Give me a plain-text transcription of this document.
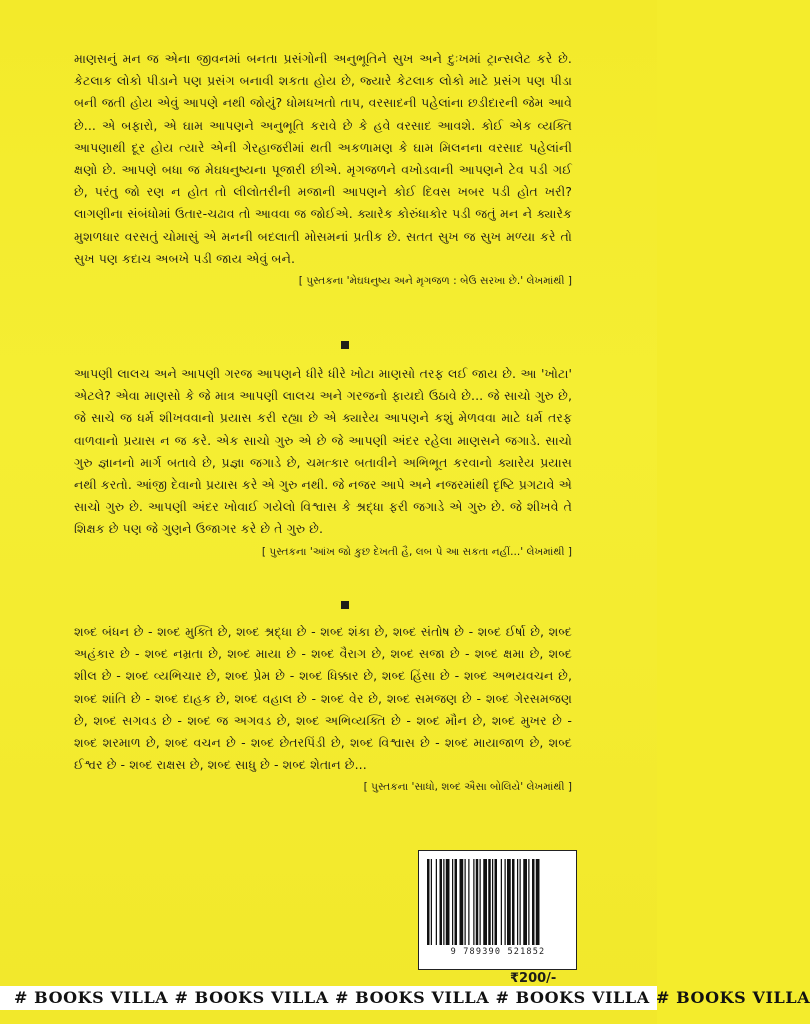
માણસનું મન જ એના જીવનમાં બનતા પ્રસંગોની અનુભૂતિને સુખ અને દુઃખમાં ટ્રાન્સલેટ કરે છે. કેટલાક લોકો પીડાને પણ પ્રસંગ બનાવી શકતા હોય છે, જ્યારે કેટલાક લોકો માટે પ્રસંગ પણ પીડા બની જતી હોય એવું આપણે નથી જોયું? ધોમધખતો તાપ, વરસાદની પહેલાંના છડીદારની જેમ આવે છે... એ બફારો, એ ઘામ આપણને અનુભૂતિ કરાવે છે કે હવે વરસાદ આવશે. કોઈ એક વ્યક્તિ આપણાથી દૂર હોય ત્યારે એની ગેરહાજરીમાં થતી અકળામણ કે ઘામ મિલનના વરસાદ પહેલાંની ક્ષણો છે. આપણે બધા જ મેઘધનુષ્યના પૂજારી છીએ. મૃગજળને વખોડવાની આપણને ટેવ પડી ગઈ છે, પરંતુ જો રણ ન હોત તો લીલોતરીની મજાની આપણને કોઈ દિવસ ખબર પડી હોત ખરી? લાગણીના સંબંધોમાં ઉતાર-ચઢાવ તો આવવા જ જોઈએ. ક્યારેક કોરુંધાકોર પડી જતું મન ને ક્યારેક મુશળધાર વરસતું ચોમાસું એ મનની બદલાતી મોસમનાં પ્રતીક છે. સતત સુખ જ સુખ મળ્યા કરે તો સુખ પણ કદાચ અબખે પડી જાય એવું બને.

[ પુસ્તકના 'મેઘધનુષ્ય અને મૃગજળ : બેઉ સરખા છે.' લેખમાંથી ]

આપણી લાલચ અને આપણી ગરજ આપણને ધીરે ધીરે ખોટા માણસો તરફ લઈ જાય છે. આ 'ખોટા' એટલે? એવા માણસો કે જે માત્ર આપણી લાલચ અને ગરજનો ફાયદો ઉઠાવે છે... જે સાચો ગુરુ છે, જે સાચે જ ધર્મ શીખવવાનો પ્રયાસ કરી રહ્યા છે એ ક્યારેય આપણને કશું મેળવવા માટે ધર્મ તરફ વાળવાનો પ્રયાસ ન જ કરે. એક સાચો ગુરુ એ છે જે આપણી અંદર રહેલા માણસને જગાડે. સાચો ગુરુ જ્ઞાનનો માર્ગ બતાવે છે, પ્રજ્ઞા જગાડે છે, ચમત્કાર બતાવીને અભિભૂત કરવાનો ક્યારેય પ્રયાસ નથી કરતો. આંજી દેવાનો પ્રયાસ કરે એ ગુરુ નથી. જે નજર આપે અને નજરમાંથી દૃષ્ટિ પ્રગટાવે એ સાચો ગુરુ છે. આપણી અંદર ખોવાઈ ગયેલો વિશ્વાસ કે શ્રદ્ધા ફરી જગાડે એ ગુરુ છે. જે શીખવે તે શિક્ષક છે પણ જે ગુણને ઉજાગર કરે છે તે ગુરુ છે.

[ પુસ્તકના 'આંખ જો કુછ દેખતી હૈ, લબ પે આ સકતા નહીં...' લેખમાંથી ]

શબ્દ બંધન છે - શબ્દ મુક્તિ છે, શબ્દ શ્રદ્ધા છે - શબ્દ શંકા છે, શબ્દ સંતોષ છે - શબ્દ ઈર્ષા છે, શબ્દ અહંકાર છે - શબ્દ નમ્રતા છે, શબ્દ માયા છે - શબ્દ વૈરાગ છે, શબ્દ સજા છે - શબ્દ ક્ષમા છે, શબ્દ શીલ છે - શબ્દ વ્યભિચાર છે, શબ્દ પ્રેમ છે - શબ્દ ધિક્કાર છે, શબ્દ હિંસા છે - શબ્દ અભયવચન છે, શબ્દ શાંતિ છે - શબ્દ દાહક છે, શબ્દ વહાલ છે - શબ્દ વેર છે, શબ્દ સમજણ છે - શબ્દ ગેરસમજણ છે, શબ્દ સગવડ છે - શબ્દ જ અગવડ છે, શબ્દ અભિવ્યક્તિ છે - શબ્દ મૌન છે, શબ્દ મુખર છે - શબ્દ શરમાળ છે, શબ્દ વચન છે - શબ્દ છેતરપિંડી છે, શબ્દ વિશ્વાસ છે - શબ્દ માયાજાળ છે, શબ્દ ઈશ્વર છે - શબ્દ રાક્ષસ છે, શબ્દ સાધુ છે - શબ્દ શેતાન છે...

[ પુસ્તકના 'સાધો, શબ્દ ઐસા બોલિયે' લેખમાંથી ]

9 789390 521852
₹200/-
# BOOKS VILLA # BOOKS VILLA # BOOKS VILLA # BOOKS VILLA # BOOKS VILLA
